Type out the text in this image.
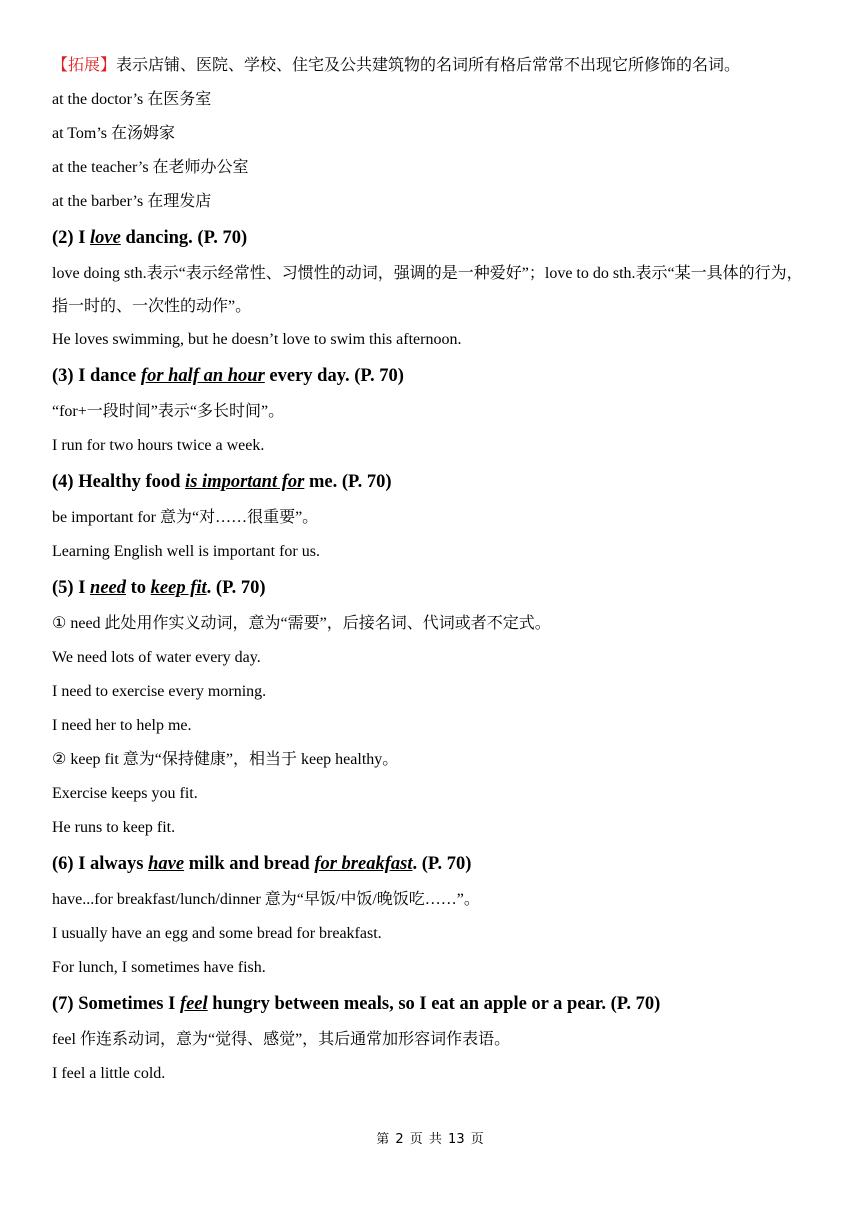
【拓展】表示店铺、医院、学校、住宅及公共建筑物的名词所有格后常常不出现它所修饰的名词。

at the doctor’s 在医务室

at Tom’s 在汤姆家

at the teacher’s 在老师办公室

at the barber’s 在理发店

(2) I love dancing. (P. 70)

love doing sth.表示“表示经常性、习惯性的动词，强调的是一种爱好”；love to do sth.表示“某一具体的行为，指一时的、一次性的动作”。

He loves swimming, but he doesn’t love to swim this afternoon.

(3) I dance for half an hour every day. (P. 70)

“for+一段时间”表示“多长时间”。

I run for two hours twice a week.

(4) Healthy food is important for me. (P. 70)

be important for 意为“对……很重要”。

Learning English well is important for us.

(5) I need to keep fit. (P. 70)

① need 此处用作实义动词，意为“需要”，后接名词、代词或者不定式。

We need lots of water every day.

I need to exercise every morning.

I need her to help me.

② keep fit 意为“保持健康”，相当于 keep healthy。

Exercise keeps you fit.

He runs to keep fit.

(6) I always have milk and bread for breakfast. (P. 70)

have...for breakfast/lunch/dinner 意为“早饭/中饭/晚饭吃……”。

I usually have an egg and some bread for breakfast.

For lunch, I sometimes have fish.

(7) Sometimes I feel hungry between meals, so I eat an apple or a pear. (P. 70)

feel 作连系动词，意为“觉得、感觉”，其后通常加形容词作表语。

I feel a little cold.

第 2 页 共 13 页
